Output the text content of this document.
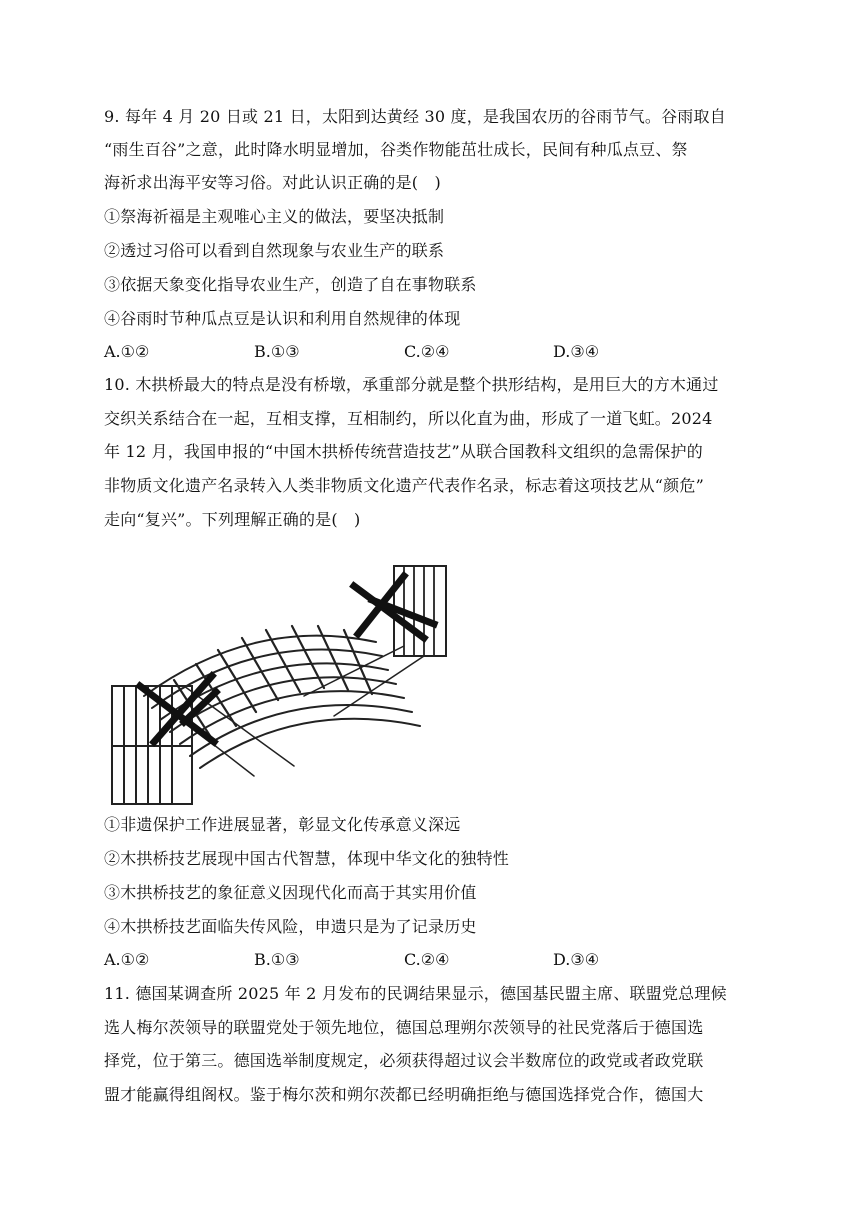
9. 每年 4 月 20 日或 21 日，太阳到达黄经 30 度，是我国农历的谷雨节气。谷雨取自
“雨生百谷”之意，此时降水明显增加，谷类作物能茁壮成长，民间有种瓜点豆、祭
海祈求出海平安等习俗。对此认识正确的是(　)
①祭海祈福是主观唯心主义的做法，要坚决抵制
②透过习俗可以看到自然现象与农业生产的联系
③依据天象变化指导农业生产，创造了自在事物联系
④谷雨时节种瓜点豆是认识和利用自然规律的体现
A.①②	B.①③	C.②④	D.③④
10. 木拱桥最大的特点是没有桥墩，承重部分就是整个拱形结构，是用巨大的方木通过
交织关系结合在一起，互相支撑，互相制约，所以化直为曲，形成了一道飞虹。2024
年 12 月，我国申报的“中国木拱桥传统营造技艺”从联合国教科文组织的急需保护的
非物质文化遗产名录转入人类非物质文化遗产代表作名录，标志着这项技艺从“颜危”
走向“复兴”。下列理解正确的是(　)
①非遗保护工作进展显著，彰显文化传承意义深远
②木拱桥技艺展现中国古代智慧，体现中华文化的独特性
③木拱桥技艺的象征意义因现代化而高于其实用价值
④木拱桥技艺面临失传风险，申遗只是为了记录历史
A.①②	B.①③	C.②④	D.③④
11. 德国某调查所 2025 年 2 月发布的民调结果显示，德国基民盟主席、联盟党总理候
选人梅尔茨领导的联盟党处于领先地位，德国总理朔尔茨领导的社民党落后于德国选
择党，位于第三。德国选举制度规定，必须获得超过议会半数席位的政党或者政党联
盟才能赢得组阁权。鉴于梅尔茨和朔尔茨都已经明确拒绝与德国选择党合作，德国大
